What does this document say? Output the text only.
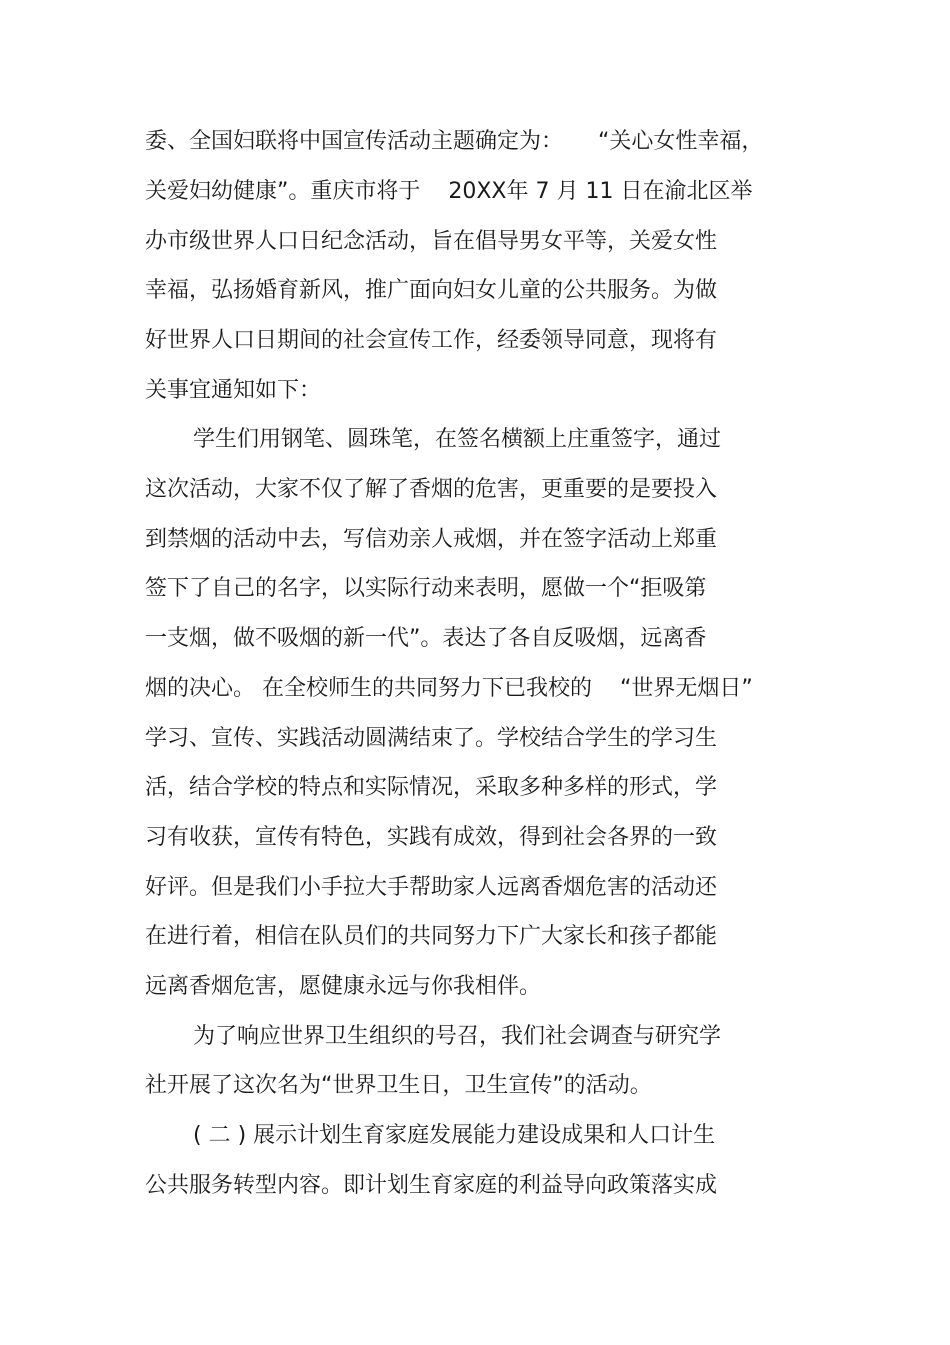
委、全国妇联将中国宣传活动主题确定为：     “关心女性幸福，
关爱妇幼健康”。重庆市将于    20XX年 7 月 11 日在渝北区举
办市级世界人口日纪念活动，旨在倡导男女平等，关爱女性
幸福，弘扬婚育新风，推广面向妇女儿童的公共服务。为做
好世界人口日期间的社会宣传工作，经委领导同意，现将有
关事宜通知如下：
学生们用钢笔、圆珠笔，在签名横额上庄重签字，通过
这次活动，大家不仅了解了香烟的危害，更重要的是要投入
到禁烟的活动中去，写信劝亲人戒烟，并在签字活动上郑重
签下了自己的名字，以实际行动来表明，愿做一个“拒吸第
一支烟，做不吸烟的新一代”。表达了各自反吸烟，远离香
烟的决心。 在全校师生的共同努力下已我校的    “世界无烟日”
学习、宣传、实践活动圆满结束了。学校结合学生的学习生
活，结合学校的特点和实际情况，采取多种多样的形式，学
习有收获，宣传有特色，实践有成效，得到社会各界的一致
好评。但是我们小手拉大手帮助家人远离香烟危害的活动还
在进行着，相信在队员们的共同努力下广大家长和孩子都能
远离香烟危害，愿健康永远与你我相伴。
为了响应世界卫生组织的号召，我们社会调查与研究学
社开展了这次名为“世界卫生日，卫生宣传”的活动。
( 二 ) 展示计划生育家庭发展能力建设成果和人口计生
公共服务转型内容。即计划生育家庭的利益导向政策落实成
